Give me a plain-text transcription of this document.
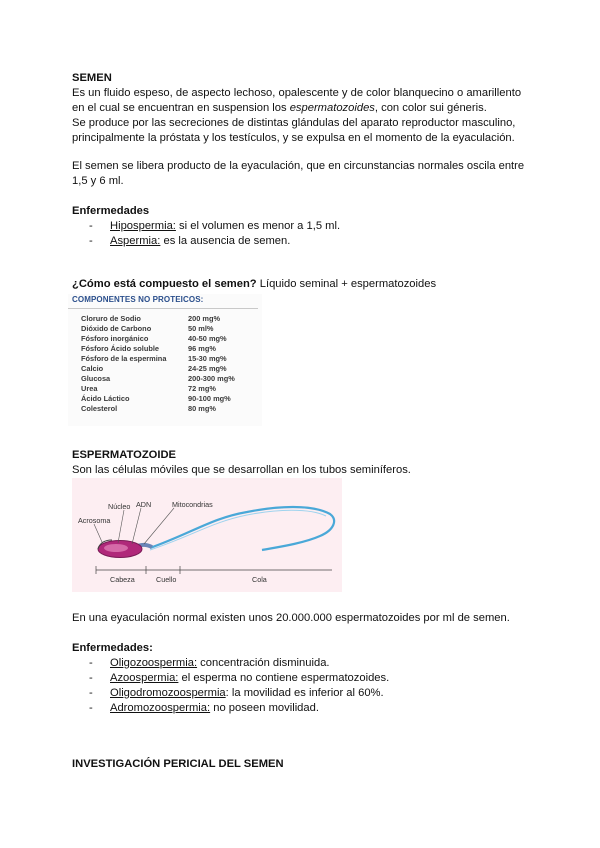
SEMEN
Es un fluido espeso, de aspecto lechoso, opalescente y de color blanquecino o amarillento
en el cual se encuentran en suspension los espermatozoides, con color sui géneris.
Se produce por las secreciones de distintas glándulas del aparato reproductor masculino,
principalmente la próstata y los testículos, y se expulsa en el momento de la eyaculación.
El semen se libera producto de la eyaculación, que en circunstancias normales oscila entre
1,5 y 6 ml.
Enfermedades
- Hipospermia: si el volumen es menor a 1,5 ml.
- Aspermia: es la ausencia de semen.
¿Cómo está compuesto el semen? Líquido seminal + espermatozoides
COMPONENTES NO PROTEICOS:
Cloruro de Sodio	200 mg%
Dióxido de Carbono	50 ml%
Fósforo inorgánico	40-50 mg%
Fósforo Ácido soluble	96 mg%
Fósforo de la espermina	15-30 mg%
Calcio	24-25 mg%
Glucosa	200-300 mg%
Urea	72 mg%
Ácido Láctico	90-100 mg%
Colesterol	80 mg%
ESPERMATOZOIDE
Son las células móviles que se desarrollan en los tubos seminíferos.
Núcleo ADN	Mitocondrias
Acrosoma
Cabeza	Cuello	Cola
En una eyaculación normal existen unos 20.000.000 espermatozoides por ml de semen.
Enfermedades:
- Oligozoospermia: concentración disminuida.
- Azoospermia: el esperma no contiene espermatozoides.
- Oligodromozoospermia: la movilidad es inferior al 60%.
- Adromozoospermia: no poseen movilidad.
INVESTIGACIÓN PERICIAL DEL SEMEN
